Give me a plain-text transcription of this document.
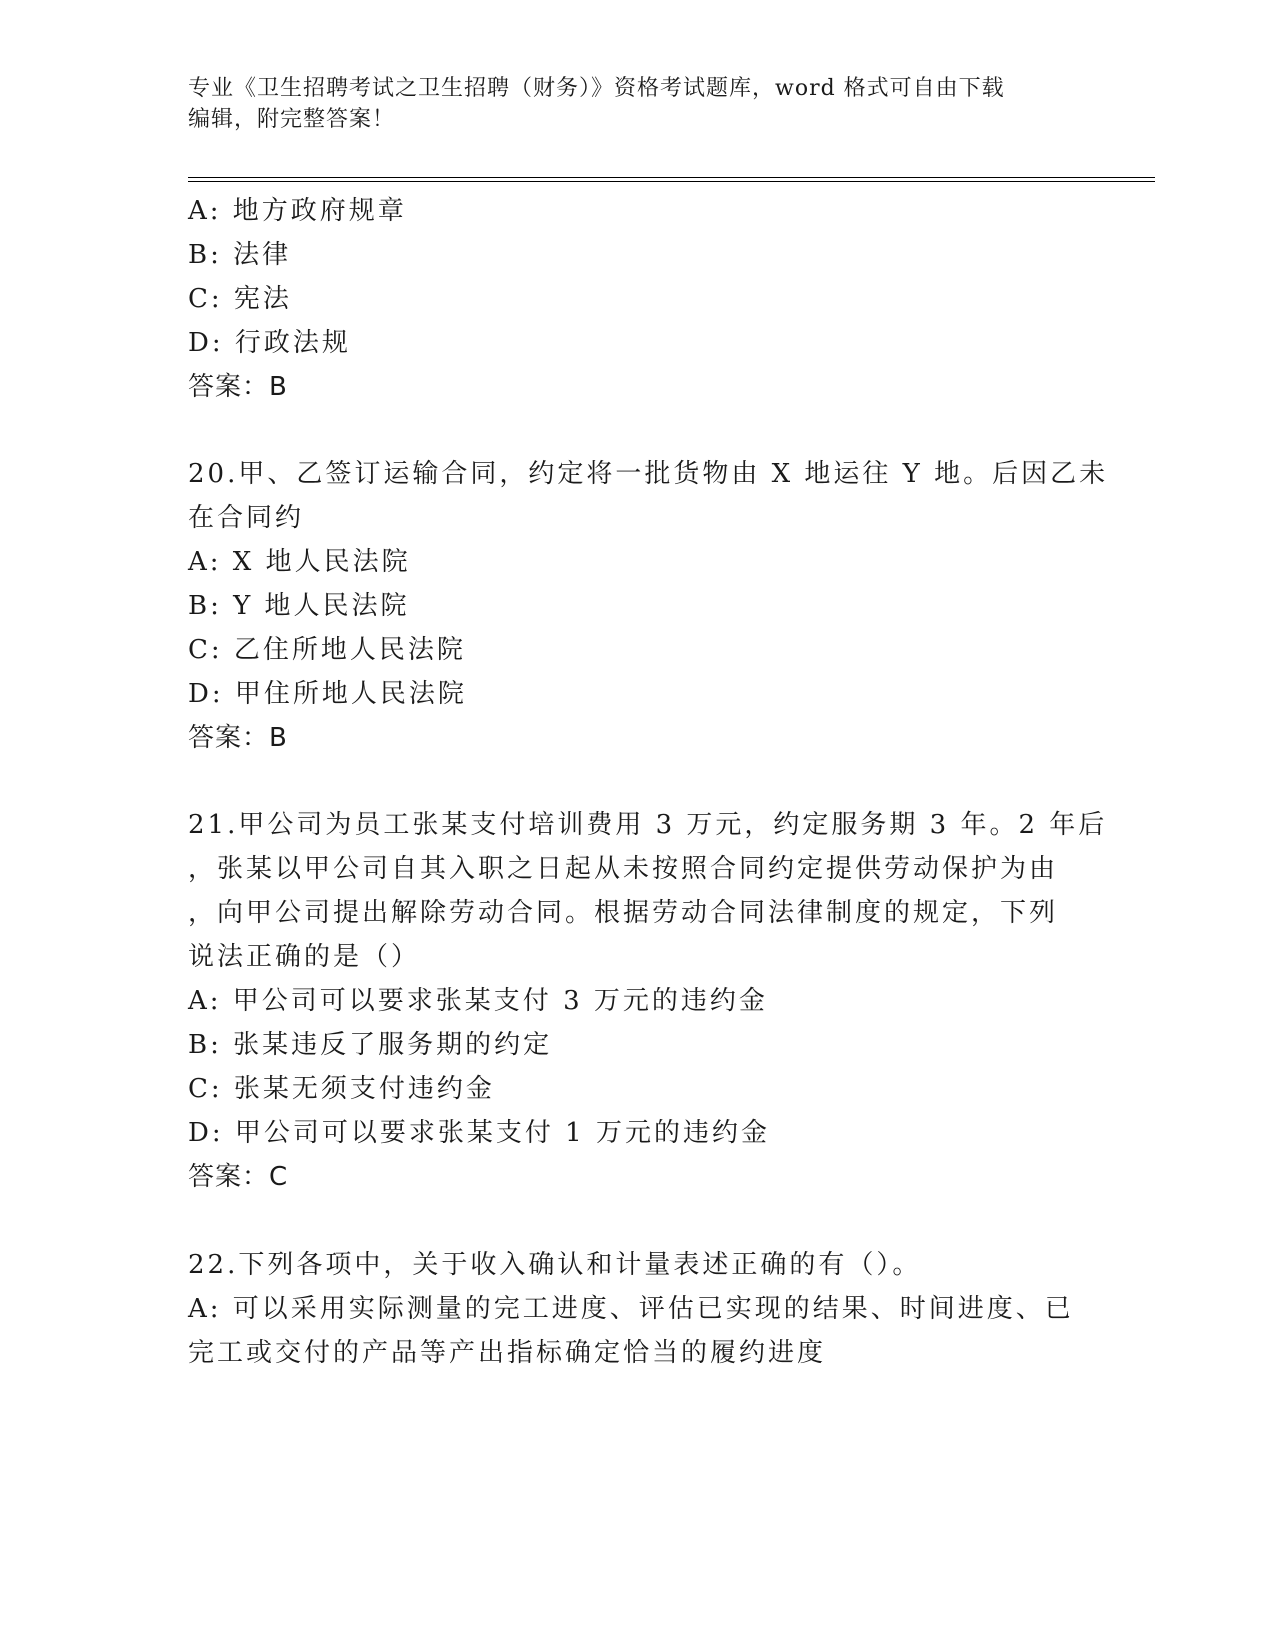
专业《卫生招聘考试之卫生招聘（财务）》资格考试题库，word 格式可自由下载
编辑，附完整答案！
A: 地方政府规章
B: 法律
C: 宪法
D: 行政法规
答案：B
20.甲、乙签订运输合同，约定将一批货物由 X 地运往 Y 地。后因乙未
在合同约
A: X 地人民法院
B: Y 地人民法院
C: 乙住所地人民法院
D: 甲住所地人民法院
答案：B
21.甲公司为员工张某支付培训费用 3 万元，约定服务期 3 年。2 年后
，张某以甲公司自其入职之日起从未按照合同约定提供劳动保护为由
，向甲公司提出解除劳动合同。根据劳动合同法律制度的规定，下列
说法正确的是（）
A: 甲公司可以要求张某支付 3 万元的违约金
B: 张某违反了服务期的约定
C: 张某无须支付违约金
D: 甲公司可以要求张某支付 1 万元的违约金
答案：C
22.下列各项中，关于收入确认和计量表述正确的有（）。
A: 可以采用实际测量的完工进度、评估已实现的结果、时间进度、已
完工或交付的产品等产出指标确定恰当的履约进度
